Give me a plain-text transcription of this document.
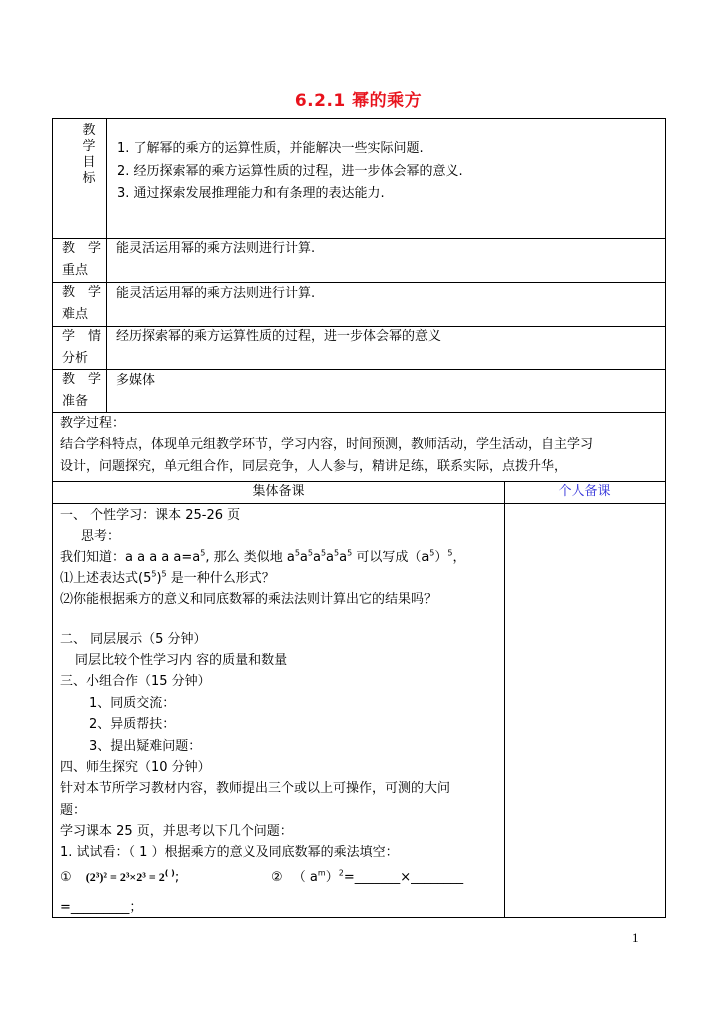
6.2.1 幂的乘方
教
学
目
标
1. 了解幂的乘方的运算性质，并能解决一些实际问题.
2. 经历探索幂的乘方运算性质的过程，进一步体会幂的意义.
3. 通过探索发展推理能力和有条理的表达能力.
教　学
重点
能灵活运用幂的乘方法则进行计算.
教　学
难点
能灵活运用幂的乘方法则进行计算.
学　情
分析
经历探索幂的乘方运算性质的过程，进一步体会幂的意义
教　学
准备
多媒体
教学过程：
结合学科特点，体现单元组教学环节，学习内容，时间预测，教师活动，学生活动，自主学习
设计，问题探究，单元组合作，同层竞争，人人参与，精讲足练，联系实际，点拨升华，
集体备课	个人备课
一、 个性学习：课本 25-26 页
思考：
我们知道：a a a a $a=a^5$, 那么 类似地 $a^5a^5a^5a^5a^5$ 可以写成$(a^5)^5$，
⑴上述表达式$(5^5)^5$ 是一种什么形式？
⑵你能根据乘方的意义和同底数幂的乘法法则计算出它的结果吗？
二、 同层展示（5 分钟）
同层比较个性学习内 容的质量和数量
三、小组合作（15 分钟）
1、同质交流：
2、异质帮扶：
3、提出疑难问题：
四、师生探究（10 分钟）
针对本节所学习教材内容，教师提出三个或以上可操作，可测的大问
题：
学习课本 25 页，并思考以下几个问题：
1. 试试看：（ 1 ）根据乘方的意义及同底数幂的乘法填空：
① (2³)² = 2³×2³ = 2( );	② （ $a^m)^2=\_\_\_\_\_\_\_\times\_\_\_\_\_\_\_\_$
=_________；
1
